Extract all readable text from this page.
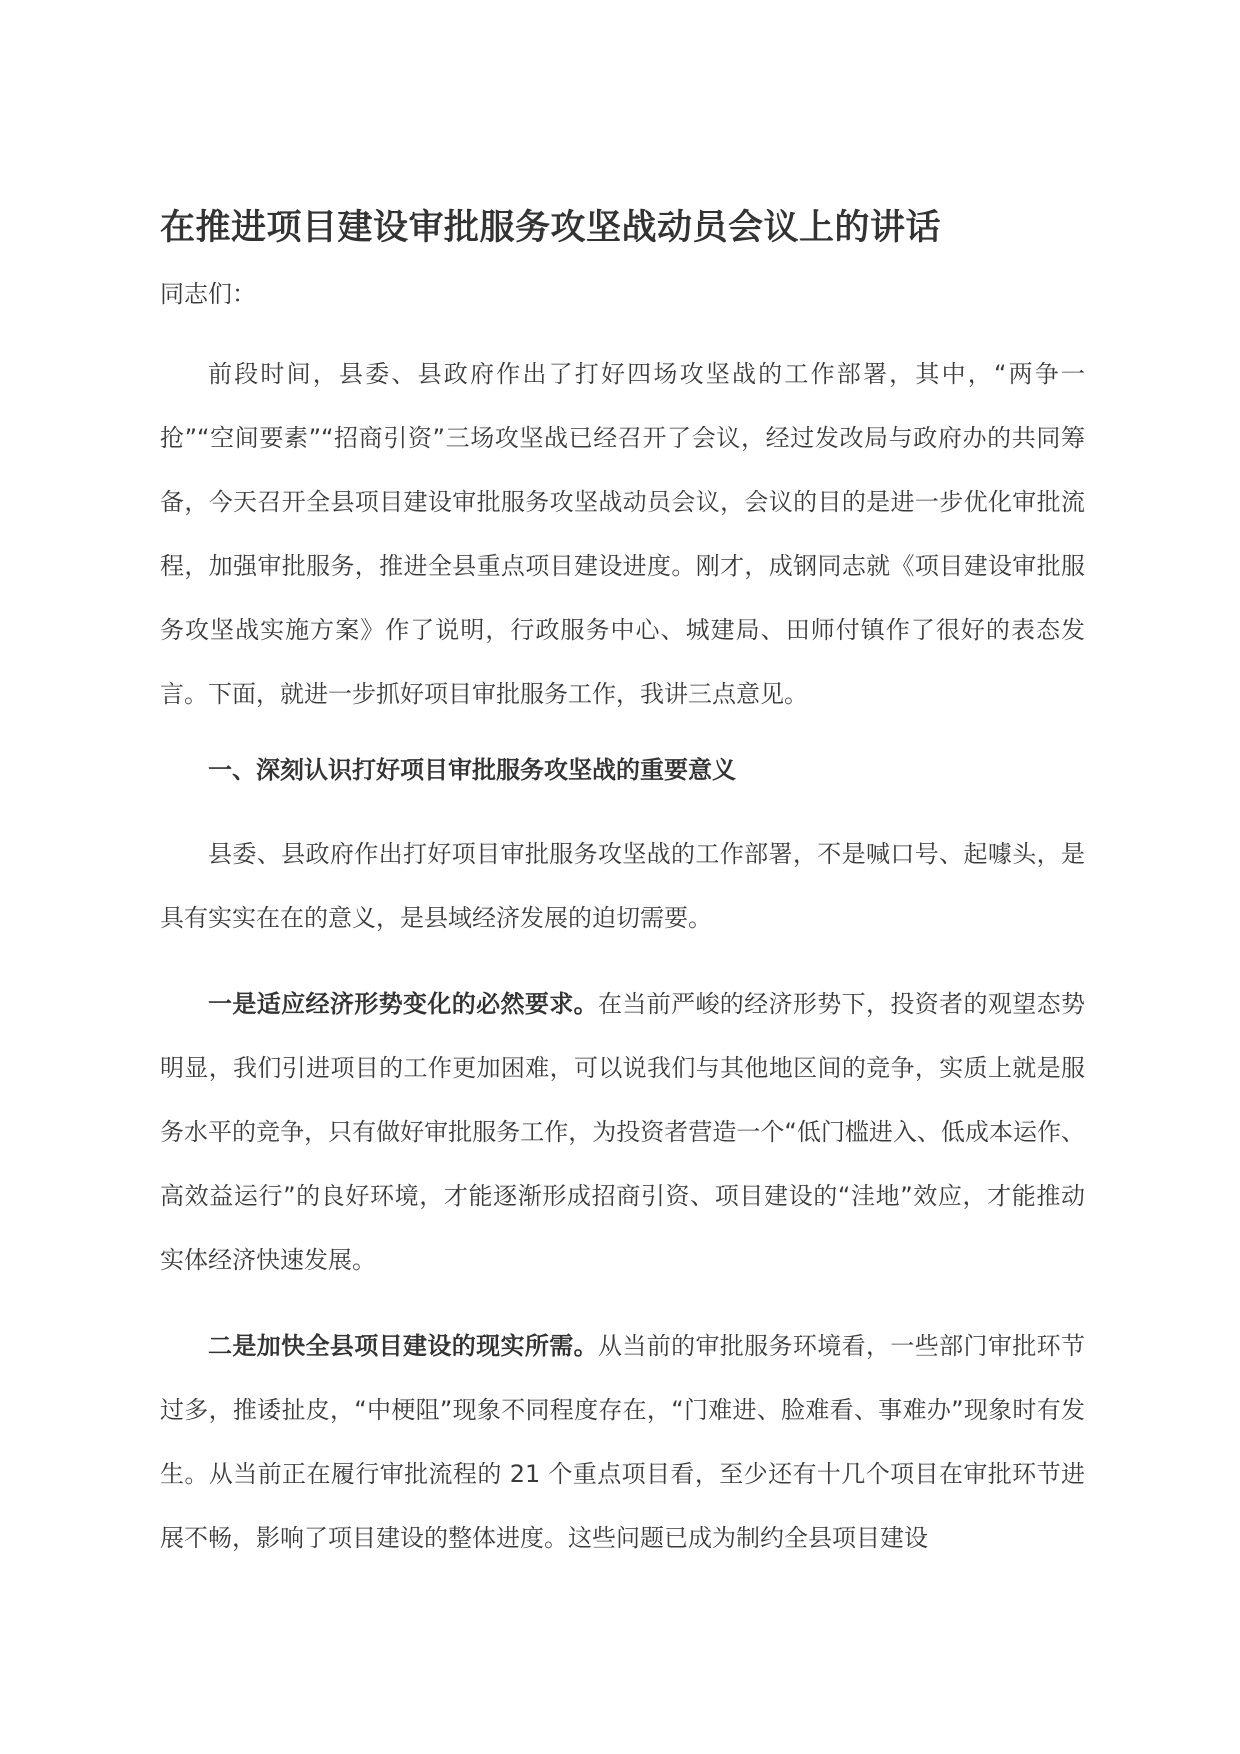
在推进项目建设审批服务攻坚战动员会议上的讲话

同志们：

前段时间，县委、县政府作出了打好四场攻坚战的工作部署，其中，“两争一抢”“空间要素”“招商引资”三场攻坚战已经召开了会议，经过发改局与政府办的共同筹备，今天召开全县项目建设审批服务攻坚战动员会议，会议的目的是进一步优化审批流程，加强审批服务，推进全县重点项目建设进度。刚才，成钢同志就《项目建设审批服务攻坚战实施方案》作了说明，行政服务中心、城建局、田师付镇作了很好的表态发言。下面，就进一步抓好项目审批服务工作，我讲三点意见。

一、深刻认识打好项目审批服务攻坚战的重要意义

县委、县政府作出打好项目审批服务攻坚战的工作部署，不是喊口号、起噱头，是具有实实在在的意义，是县域经济发展的迫切需要。

一是适应经济形势变化的必然要求。在当前严峻的经济形势下，投资者的观望态势明显，我们引进项目的工作更加困难，可以说我们与其他地区间的竞争，实质上就是服务水平的竞争，只有做好审批服务工作，为投资者营造一个“低门槛进入、低成本运作、高效益运行”的良好环境，才能逐渐形成招商引资、项目建设的“洼地”效应，才能推动实体经济快速发展。

二是加快全县项目建设的现实所需。从当前的审批服务环境看，一些部门审批环节过多，推诿扯皮，“中梗阻”现象不同程度存在，“门难进、脸难看、事难办”现象时有发生。从当前正在履行审批流程的 21 个重点项目看，至少还有十几个项目在审批环节进展不畅，影响了项目建设的整体进度。这些问题已成为制约全县项目建设
